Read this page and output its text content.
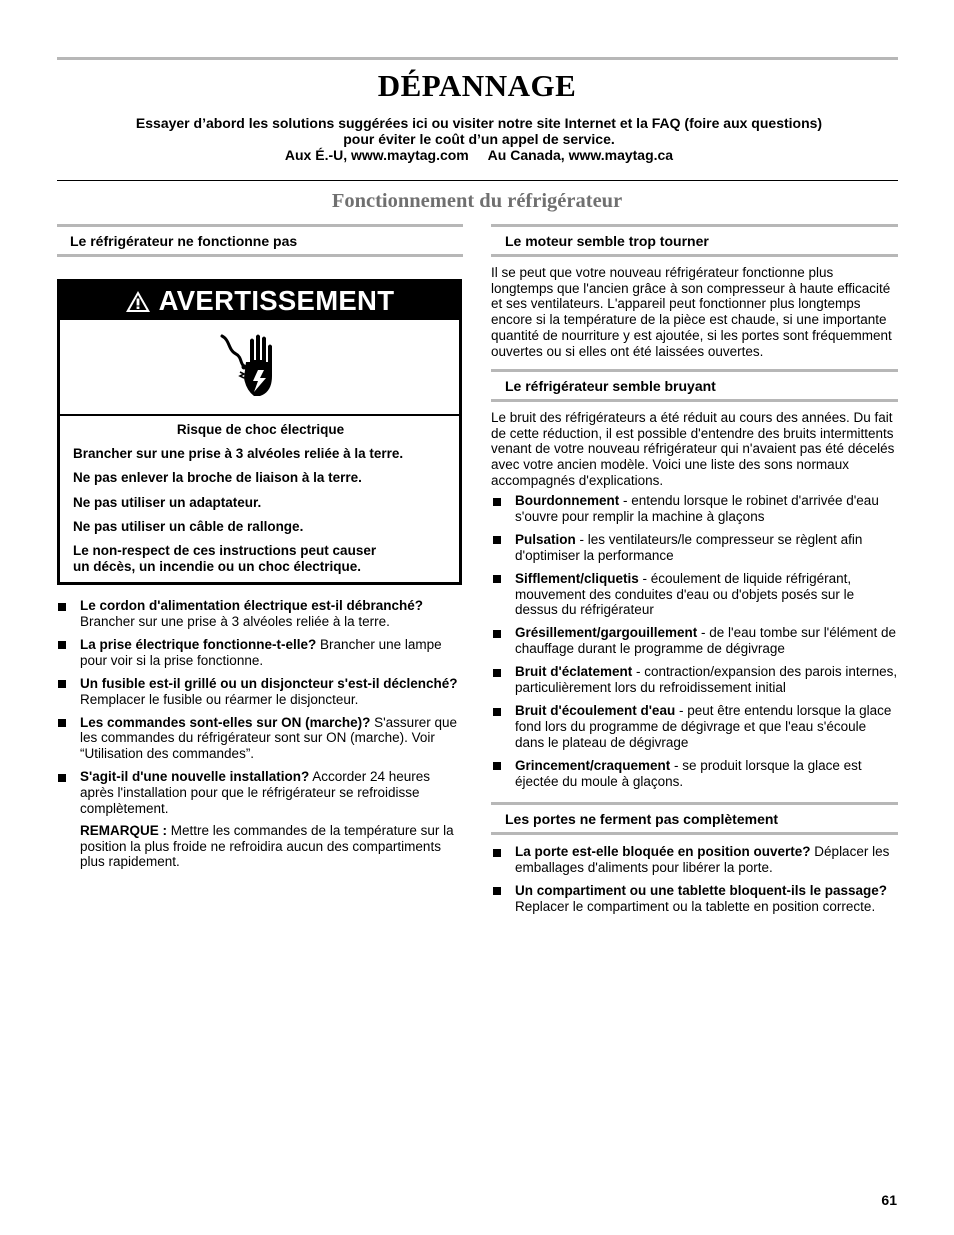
DÉPANNAGE
Essayer d’abord les solutions suggérées ici ou visiter notre site Internet et la FAQ (foire aux questions)
pour éviter le coût d’un appel de service.
Aux É.-U, www.maytag.com     Au Canada, www.maytag.ca
Fonctionnement du réfrigérateur
Le réfrigérateur ne fonctionne pas
AVERTISSEMENT
Risque de choc électrique
Brancher sur une prise à 3 alvéoles reliée à la terre.
Ne pas enlever la broche de liaison à la terre.
Ne pas utiliser un adaptateur.
Ne pas utiliser un câble de rallonge.
Le non-respect de ces instructions peut causer
un décès, un incendie ou un choc électrique.
Le cordon d'alimentation électrique est-il débranché? Brancher sur une prise à 3 alvéoles reliée à la terre.
La prise électrique fonctionne-t-elle? Brancher une lampe pour voir si la prise fonctionne.
Un fusible est-il grillé ou un disjoncteur s'est-il déclenché? Remplacer le fusible ou réarmer le disjoncteur.
Les commandes sont-elles sur ON (marche)? S'assurer que les commandes du réfrigérateur sont sur ON (marche). Voir “Utilisation des commandes”.
S'agit-il d'une nouvelle installation? Accorder 24 heures après l'installation pour que le réfrigérateur se refroidisse complètement.
REMARQUE : Mettre les commandes de la température sur la position la plus froide ne refroidira aucun des compartiments plus rapidement.
Le moteur semble trop tourner
Il se peut que votre nouveau réfrigérateur fonctionne plus longtemps que l'ancien grâce à son compresseur à haute efficacité et ses ventilateurs. L'appareil peut fonctionner plus longtemps encore si la température de la pièce est chaude, si une importante quantité de nourriture y est ajoutée, si les portes sont fréquemment ouvertes ou si elles ont été laissées ouvertes.
Le réfrigérateur semble bruyant
Le bruit des réfrigérateurs a été réduit au cours des années. Du fait de cette réduction, il est possible d'entendre des bruits intermittents venant de votre nouveau réfrigérateur qui n'avaient pas été décelés avec votre ancien modèle. Voici une liste des sons normaux accompagnés d'explications.
Bourdonnement - entendu lorsque le robinet d'arrivée d'eau s'ouvre pour remplir la machine à glaçons
Pulsation - les ventilateurs/le compresseur se règlent afin d'optimiser la performance
Sifflement/cliquetis - écoulement de liquide réfrigérant, mouvement des conduites d'eau ou d'objets posés sur le dessus du réfrigérateur
Grésillement/gargouillement - de l'eau tombe sur l'élément de chauffage durant le programme de dégivrage
Bruit d'éclatement - contraction/expansion des parois internes, particulièrement lors du refroidissement initial
Bruit d'écoulement d'eau - peut être entendu lorsque la glace fond lors du programme de dégivrage et que l'eau s'écoule dans le plateau de dégivrage
Grincement/craquement - se produit lorsque la glace est éjectée du moule à glaçons.
Les portes ne ferment pas complètement
La porte est-elle bloquée en position ouverte? Déplacer les emballages d'aliments pour libérer la porte.
Un compartiment ou une tablette bloquent-ils le passage? Replacer le compartiment ou la tablette en position correcte.
61
